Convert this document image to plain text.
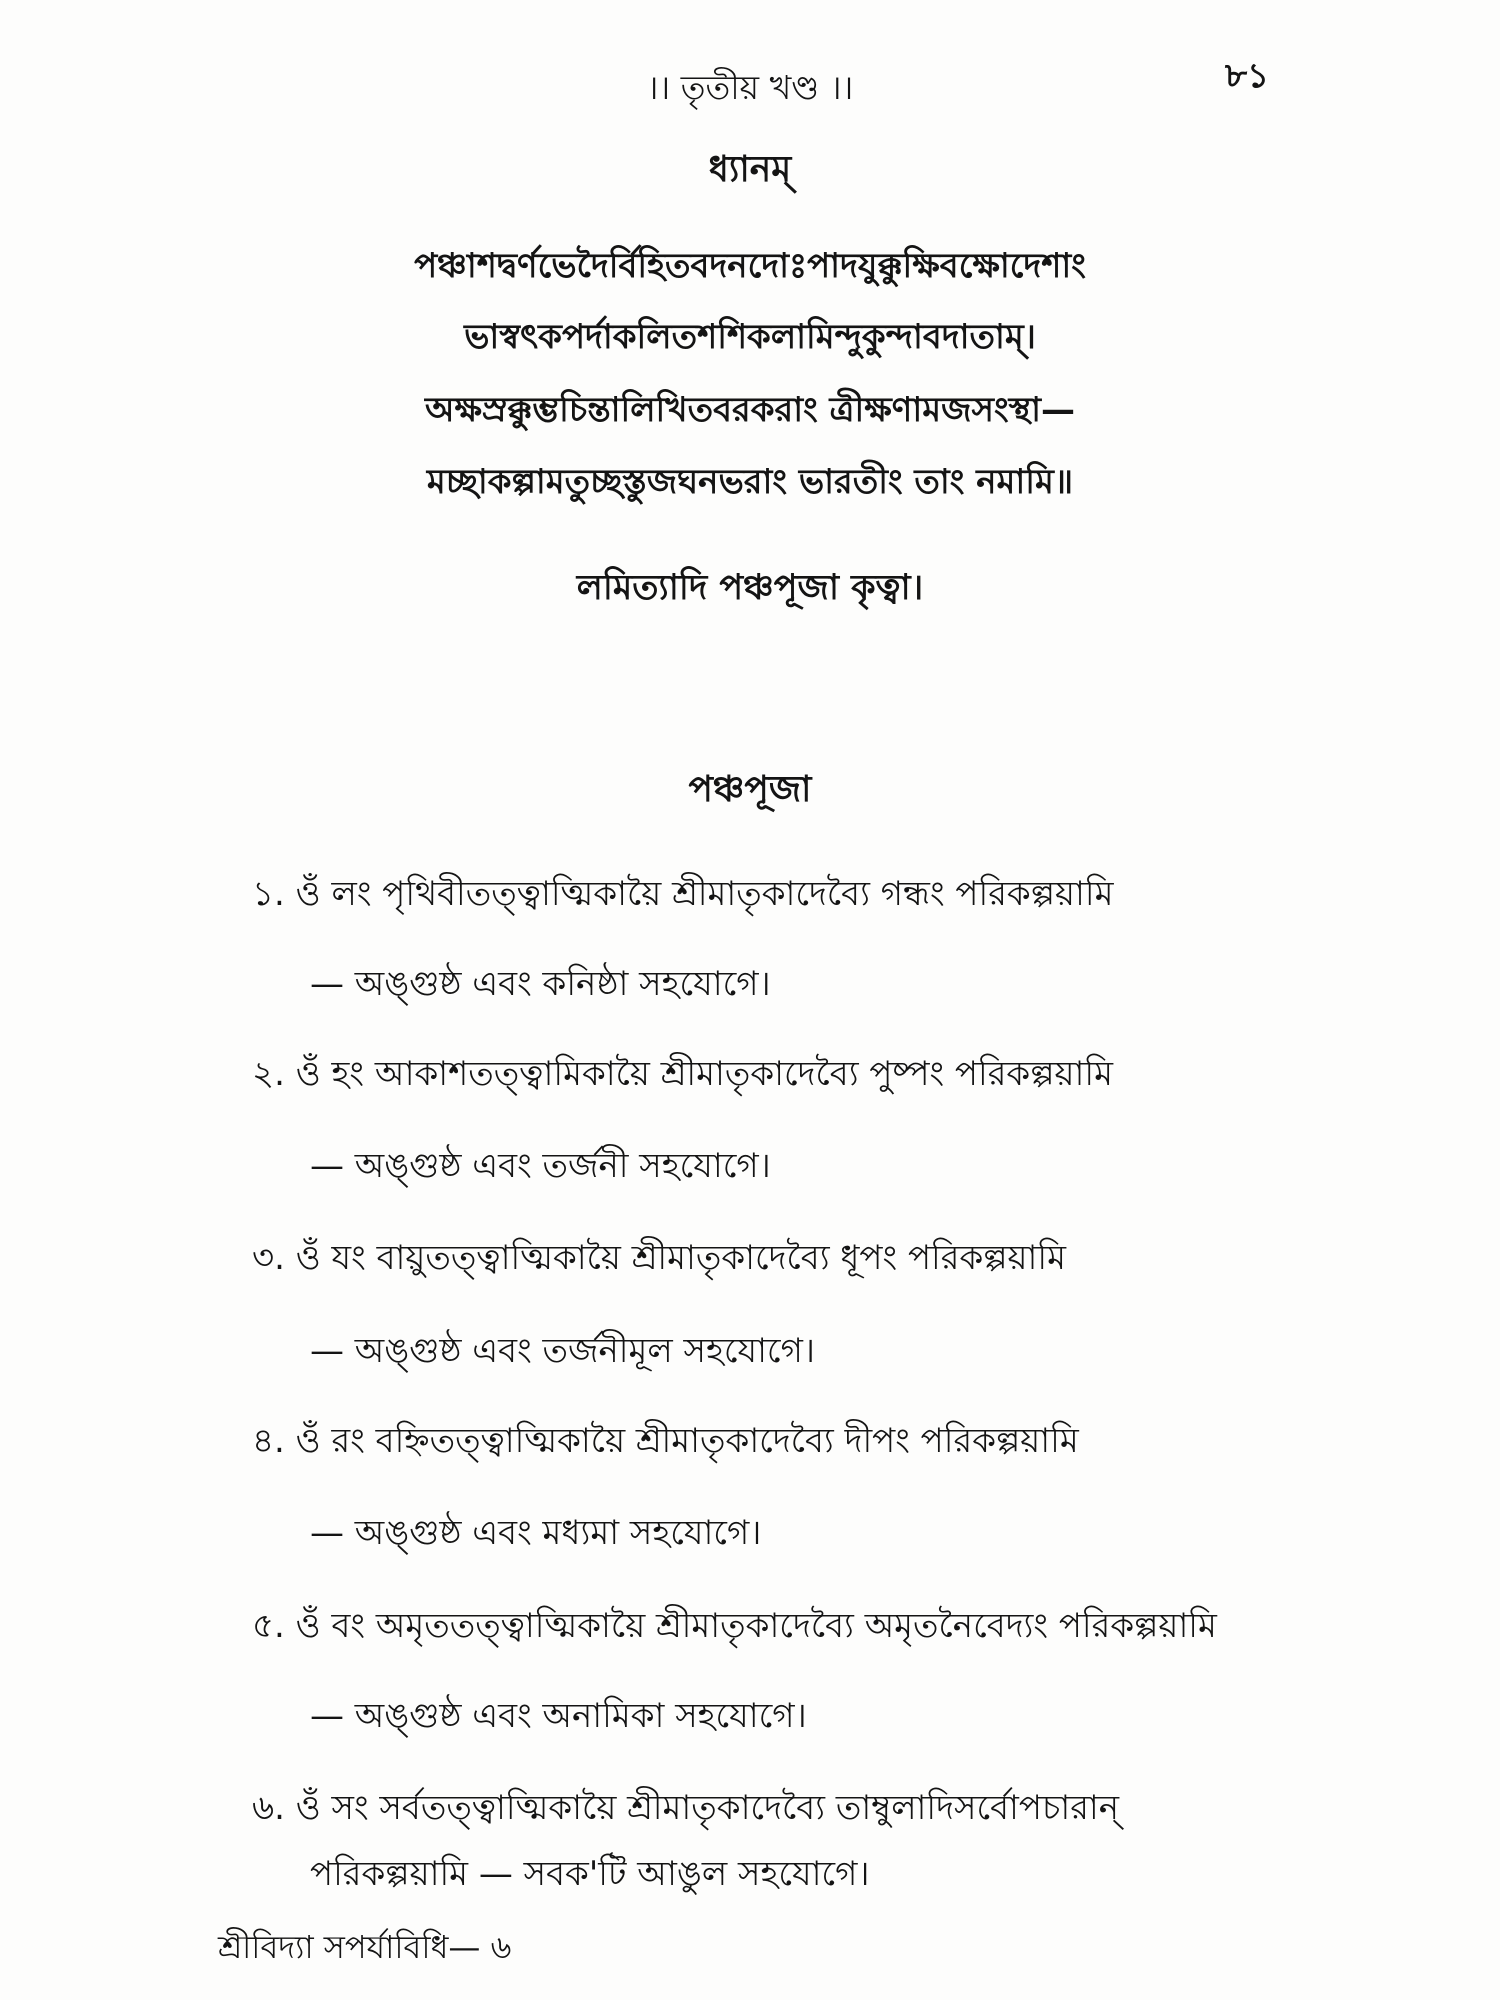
।। তৃতীয় খণ্ড ।।	৮১
ধ্যানম্
পঞ্চাশদ্বর্ণভেদৈর্বিহিতবদনদোঃপাদযুক্কুক্ষিবক্ষোদেশাং
ভাস্বৎকপর্দাকলিতশশিকলামিন্দুকুন্দাবদাতাম্।
অক্ষস্রক্কুম্ভচিন্তালিখিতবরকরাং ত্রীক্ষণামজসংস্থা—
মচ্ছাকল্পামতুচ্ছস্তুজঘনভরাং ভারতীং তাং নমামি॥
লমিত্যাদি পঞ্চপূজা কৃত্বা।
পঞ্চপূজা
১. ওঁ লং পৃথিবীতত্ত্বাত্মিকায়ৈ শ্রীমাতৃকাদেব্যৈ গন্ধং পরিকল্পয়ামি
— অঙ্গুষ্ঠ এবং কনিষ্ঠা সহযোগে।
২. ওঁ হং আকাশতত্ত্বামিকায়ৈ শ্রীমাতৃকাদেব্যৈ পুষ্পং পরিকল্পয়ামি
— অঙ্গুষ্ঠ এবং তর্জনী সহযোগে।
৩. ওঁ যং বায়ুতত্ত্বাত্মিকায়ৈ শ্রীমাতৃকাদেব্যৈ ধূপং পরিকল্পয়ামি
— অঙ্গুষ্ঠ এবং তর্জনীমূল সহযোগে।
৪. ওঁ রং বহ্নিতত্ত্বাত্মিকায়ৈ শ্রীমাতৃকাদেব্যৈ দীপং পরিকল্পয়ামি
— অঙ্গুষ্ঠ এবং মধ্যমা সহযোগে।
৫. ওঁ বং অমৃততত্ত্বাত্মিকায়ৈ শ্রীমাতৃকাদেব্যৈ অমৃতনৈবেদ্যং পরিকল্পয়ামি
— অঙ্গুষ্ঠ এবং অনামিকা সহযোগে।
৬. ওঁ সং সর্বতত্ত্বাত্মিকায়ৈ শ্রীমাতৃকাদেব্যৈ তাম্বুলাদিসর্বোপচারান্
পরিকল্পয়ামি — সবক'টি আঙুল সহযোগে।
শ্রীবিদ্যা সপর্যাবিধি— ৬
